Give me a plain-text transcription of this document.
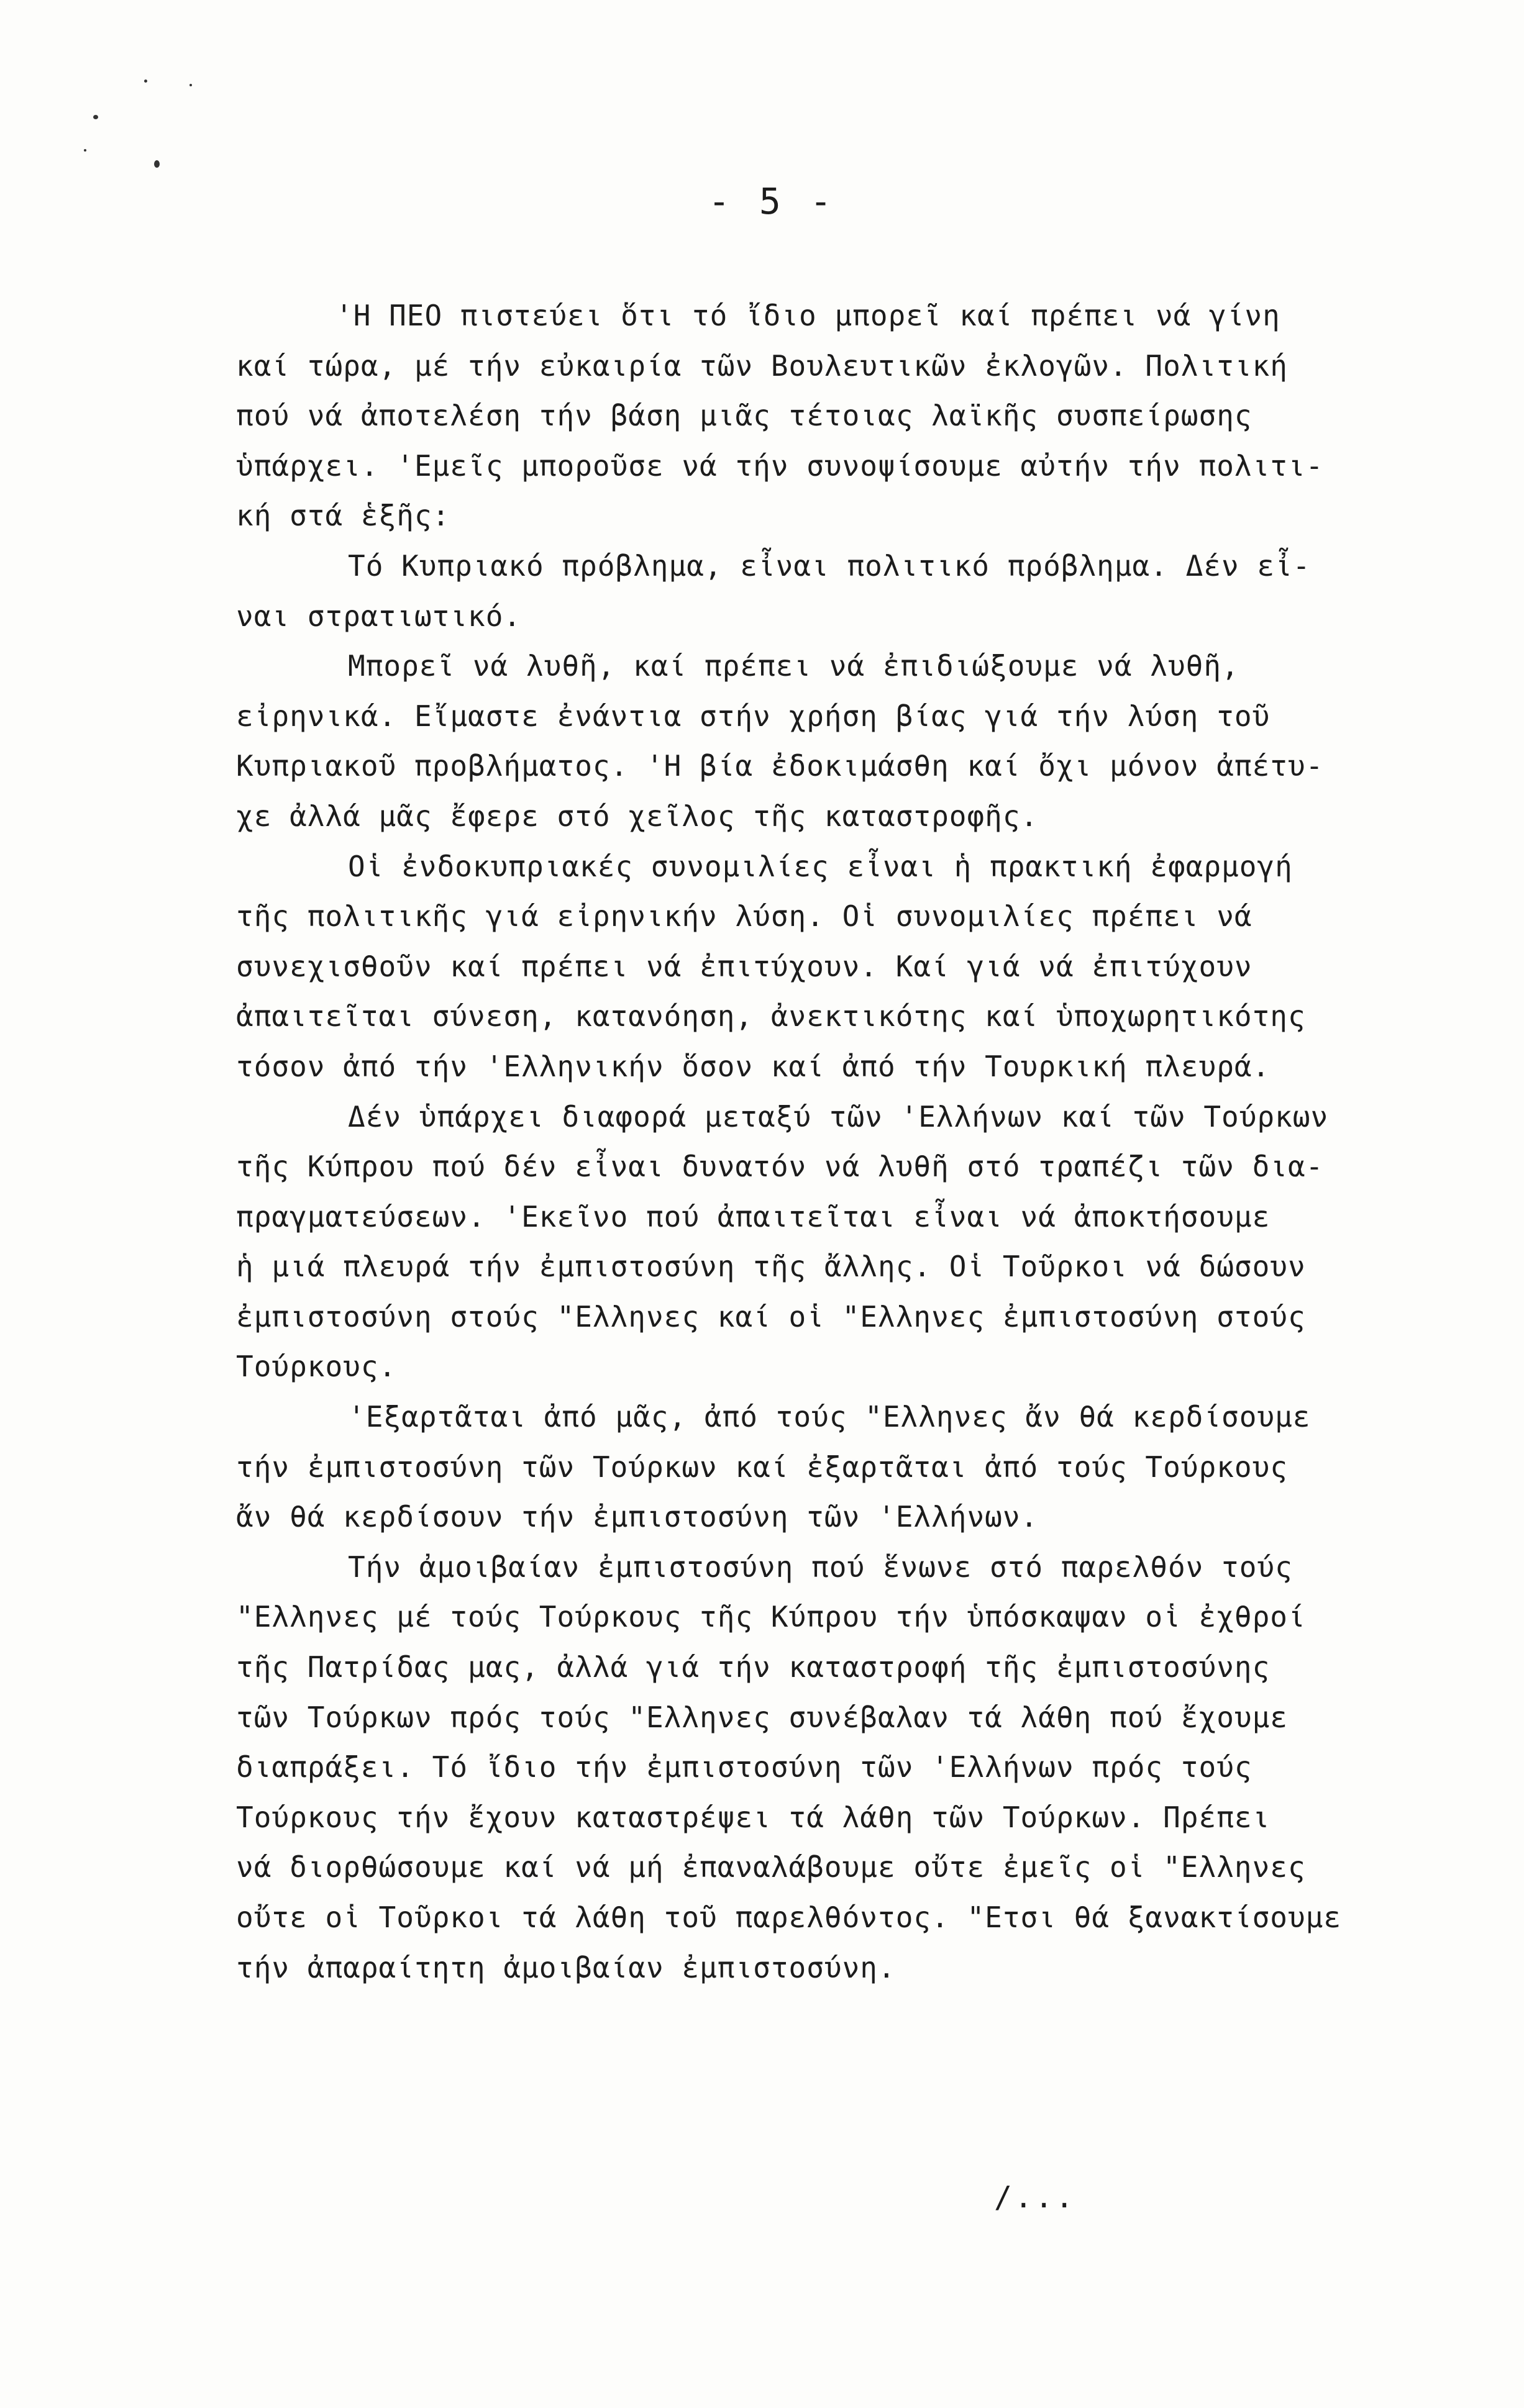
- 5 -
'Η ΠΕΟ πιστεύει ὅτι τό ἴδιο μπορεῖ καί πρέπει νά γίνη
καί τώρα, μέ τήν εὐκαιρία τῶν Βουλευτικῶν ἐκλογῶν. Πολιτική
πού νά ἀποτελέση τήν βάση μιᾶς τέτοιας λαϊκῆς συσπείρωσης
ὑπάρχει. 'Εμεῖς μποροῦσε νά τήν συνοψίσουμε αὐτήν τήν πολιτι-
κή στά ἑξῆς:
Τό Κυπριακό πρόβλημα, εἶναι πολιτικό πρόβλημα. Δέν εἶ-
ναι στρατιωτικό.
Μπορεῖ νά λυθῆ, καί πρέπει νά ἐπιδιώξουμε νά λυθῆ,
εἰρηνικά. Εἴμαστε ἐνάντια στήν χρήση βίας γιά τήν λύση τοῦ
Κυπριακοῦ προβλήματος. 'Η βία ἐδοκιμάσθη καί ὄχι μόνον ἀπέτυ-
χε ἀλλά μᾶς ἔφερε στό χεῖλος τῆς καταστροφῆς.
Οἱ ἐνδοκυπριακές συνομιλίες εἶναι ἡ πρακτική ἐφαρμογή
τῆς πολιτικῆς γιά εἰρηνικήν λύση. Οἱ συνομιλίες πρέπει νά
συνεχισθοῦν καί πρέπει νά ἐπιτύχουν. Καί γιά νά ἐπιτύχουν
ἀπαιτεῖται σύνεση, κατανόηση, ἀνεκτικότης καί ὑποχωρητικότης
τόσον ἀπό τήν 'Ελληνικήν ὅσον καί ἀπό τήν Τουρκική πλευρά.
Δέν ὑπάρχει διαφορά μεταξύ τῶν 'Ελλήνων καί τῶν Τούρκων
τῆς Κύπρου πού δέν εἶναι δυνατόν νά λυθῆ στό τραπέζι τῶν δια-
πραγματεύσεων. 'Εκεῖνο πού ἀπαιτεῖται εἶναι νά ἀποκτήσουμε
ἡ μιά πλευρά τήν ἐμπιστοσύνη τῆς ἄλλης. Οἱ Τοῦρκοι νά δώσουν
ἐμπιστοσύνη στούς "Ελληνες καί οἱ "Ελληνες ἐμπιστοσύνη στούς
Τούρκους.
'Εξαρτᾶται ἀπό μᾶς, ἀπό τούς "Ελληνες ἄν θά κερδίσουμε
τήν ἐμπιστοσύνη τῶν Τούρκων καί ἐξαρτᾶται ἀπό τούς Τούρκους
ἄν θά κερδίσουν τήν ἐμπιστοσύνη τῶν 'Ελλήνων.
Τήν ἀμοιβαίαν ἐμπιστοσύνη πού ἕνωνε στό παρελθόν τούς
"Ελληνες μέ τούς Τούρκους τῆς Κύπρου τήν ὑπόσκαψαν οἱ ἐχθροί
τῆς Πατρίδας μας, ἀλλά γιά τήν καταστροφή τῆς ἐμπιστοσύνης
τῶν Τούρκων πρός τούς "Ελληνες συνέβαλαν τά λάθη πού ἔχουμε
διαπράξει. Τό ἴδιο τήν ἐμπιστοσύνη τῶν 'Ελλήνων πρός τούς
Τούρκους τήν ἔχουν καταστρέψει τά λάθη τῶν Τούρκων. Πρέπει
νά διορθώσουμε καί νά μή ἐπαναλάβουμε οὔτε ἐμεῖς οἱ "Ελληνες
οὔτε οἱ Τοῦρκοι τά λάθη τοῦ παρελθόντος. "Ετσι θά ξανακτίσουμε
τήν ἀπαραίτητη ἀμοιβαίαν ἐμπιστοσύνη.
/...
